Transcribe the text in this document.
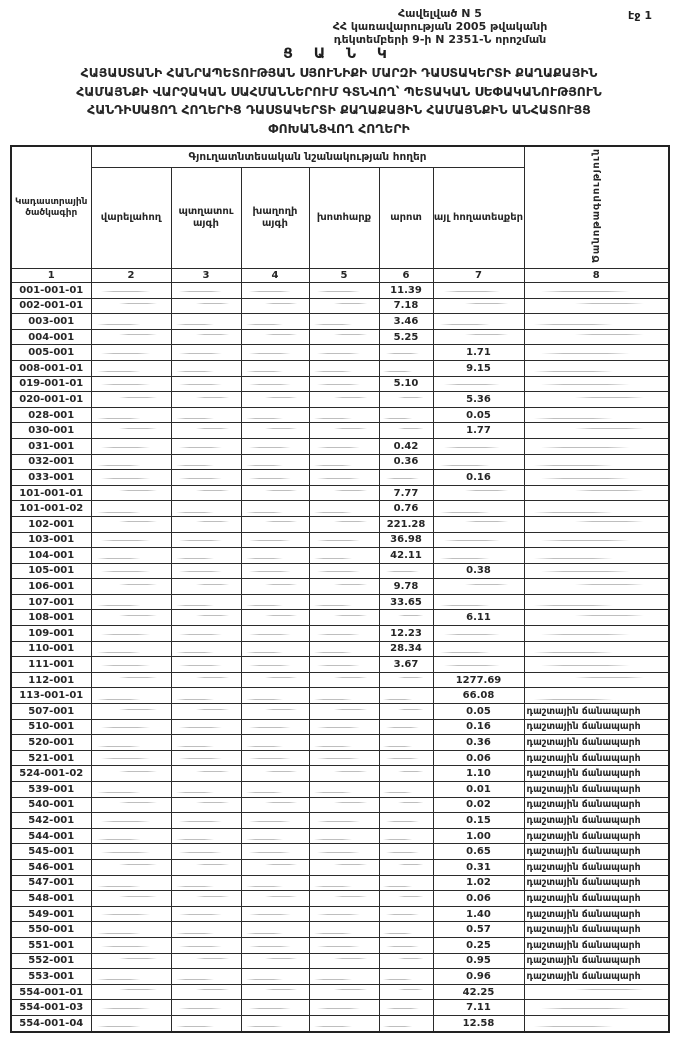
Հավելված N 5
ՀՀ կառավարության 2005 թվականի
դեկտեմբերի 9-ի N 2351-Ն որոշման
էջ 1
Ց Ա Ն Կ
ՀԱՅԱՍՏԱՆԻ ՀԱՆՐԱՊԵՏՈՒԹՅԱՆ ՍՅՈՒՆԻՔԻ ՄԱՐԶԻ ԴԱՍՏԱԿԵՐՏԻ ՔԱՂԱՔԱՅԻՆ
ՀԱՄԱՅՆՔԻ ՎԱՐՉԱԿԱՆ ՍԱՀՄԱՆՆԵՐՈՒՄ ԳՏՆՎՈՂ՝ ՊԵՏԱԿԱՆ ՍԵՓԱԿԱՆՈՒԹՅՈՒՆ
ՀԱՆԴԻՍԱՑՈՂ ՀՈՂԵՐԻՑ ԴԱՍՏԱԿԵՐՏԻ ՔԱՂԱՔԱՅԻՆ ՀԱՄԱՅՆՔԻՆ ԱՆՀԱՏՈՒՅՑ
ՓՈԽԱՆՑՎՈՂ ՀՈՂԵՐԻ
Կադաստրային ծածկագիր	Գյուղատնտեսական նշանակության հողեր						Ծանոթագրություն
	վարելահող	պտղատու այգի	խաղողի այգի	խոտհարք	արոտ	այլ հողատեսքեր	
1	2	3	4	5	6	7	8
001-001-01					11.39		
002-001-01					7.18		
003-001					3.46		
004-001					5.25		
005-001						1.71	
008-001-01						9.15	
019-001-01					5.10		
020-001-01						5.36	
028-001						0.05	
030-001						1.77	
031-001					0.42		
032-001					0.36		
033-001						0.16	
101-001-01					7.77		
101-001-02					0.76		
102-001					221.28		
103-001					36.98		
104-001					42.11		
105-001						0.38	
106-001					9.78		
107-001					33.65		
108-001						6.11	
109-001					12.23		
110-001					28.34		
111-001					3.67		
112-001						1277.69	
113-001-01						66.08	
507-001						0.05	դաշտային ճանապարհ
510-001						0.16	դաշտային ճանապարհ
520-001						0.36	դաշտային ճանապարհ
521-001						0.06	դաշտային ճանապարհ
524-001-02						1.10	դաշտային ճանապարհ
539-001						0.01	դաշտային ճանապարհ
540-001						0.02	դաշտային ճանապարհ
542-001						0.15	դաշտային ճանապարհ
544-001						1.00	դաշտային ճանապարհ
545-001						0.65	դաշտային ճանապարհ
546-001						0.31	դաշտային ճանապարհ
547-001						1.02	դաշտային ճանապարհ
548-001						0.06	դաշտային ճանապարհ
549-001						1.40	դաշտային ճանապարհ
550-001						0.57	դաշտային ճանապարհ
551-001						0.25	դաշտային ճանապարհ
552-001						0.95	դաշտային ճանապարհ
553-001						0.96	դաշտային ճանապարհ
554-001-01						42.25	
554-001-03						7.11	
554-001-04						12.58	
